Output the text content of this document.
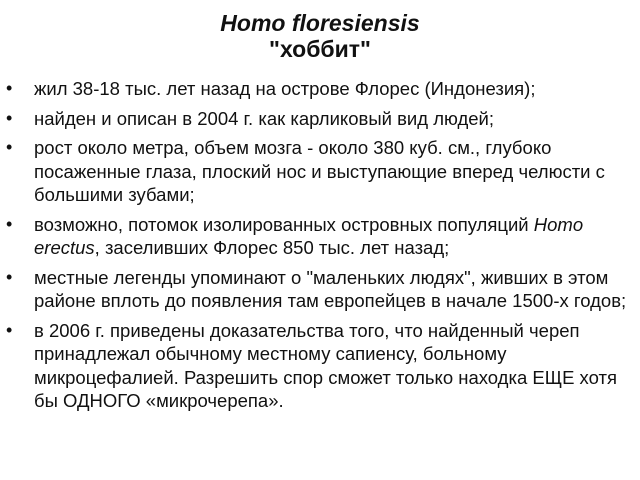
Homo floresiensis
"хоббит"
• жил 38-18 тыс. лет назад на острове Флорес (Индонезия);
• найден и описан в 2004 г. как карликовый вид людей;
• рост около метра, объем мозга - около 380 куб. см., глубоко посаженные глаза, плоский нос и выступающие вперед челюсти с большими зубами;
• возможно, потомок изолированных островных популяций Homo erectus, заселивших Флорес 850 тыс. лет назад;
• местные легенды упоминают о "маленьких людях", живших в этом районе вплоть до появления там европейцев в начале 1500-х годов;
• в 2006 г. приведены доказательства того, что найденный череп принадлежал обычному местному сапиенсу, больному микроцефалией. Разрешить спор сможет только находка ЕЩЕ хотя бы ОДНОГО «микрочерепа».
